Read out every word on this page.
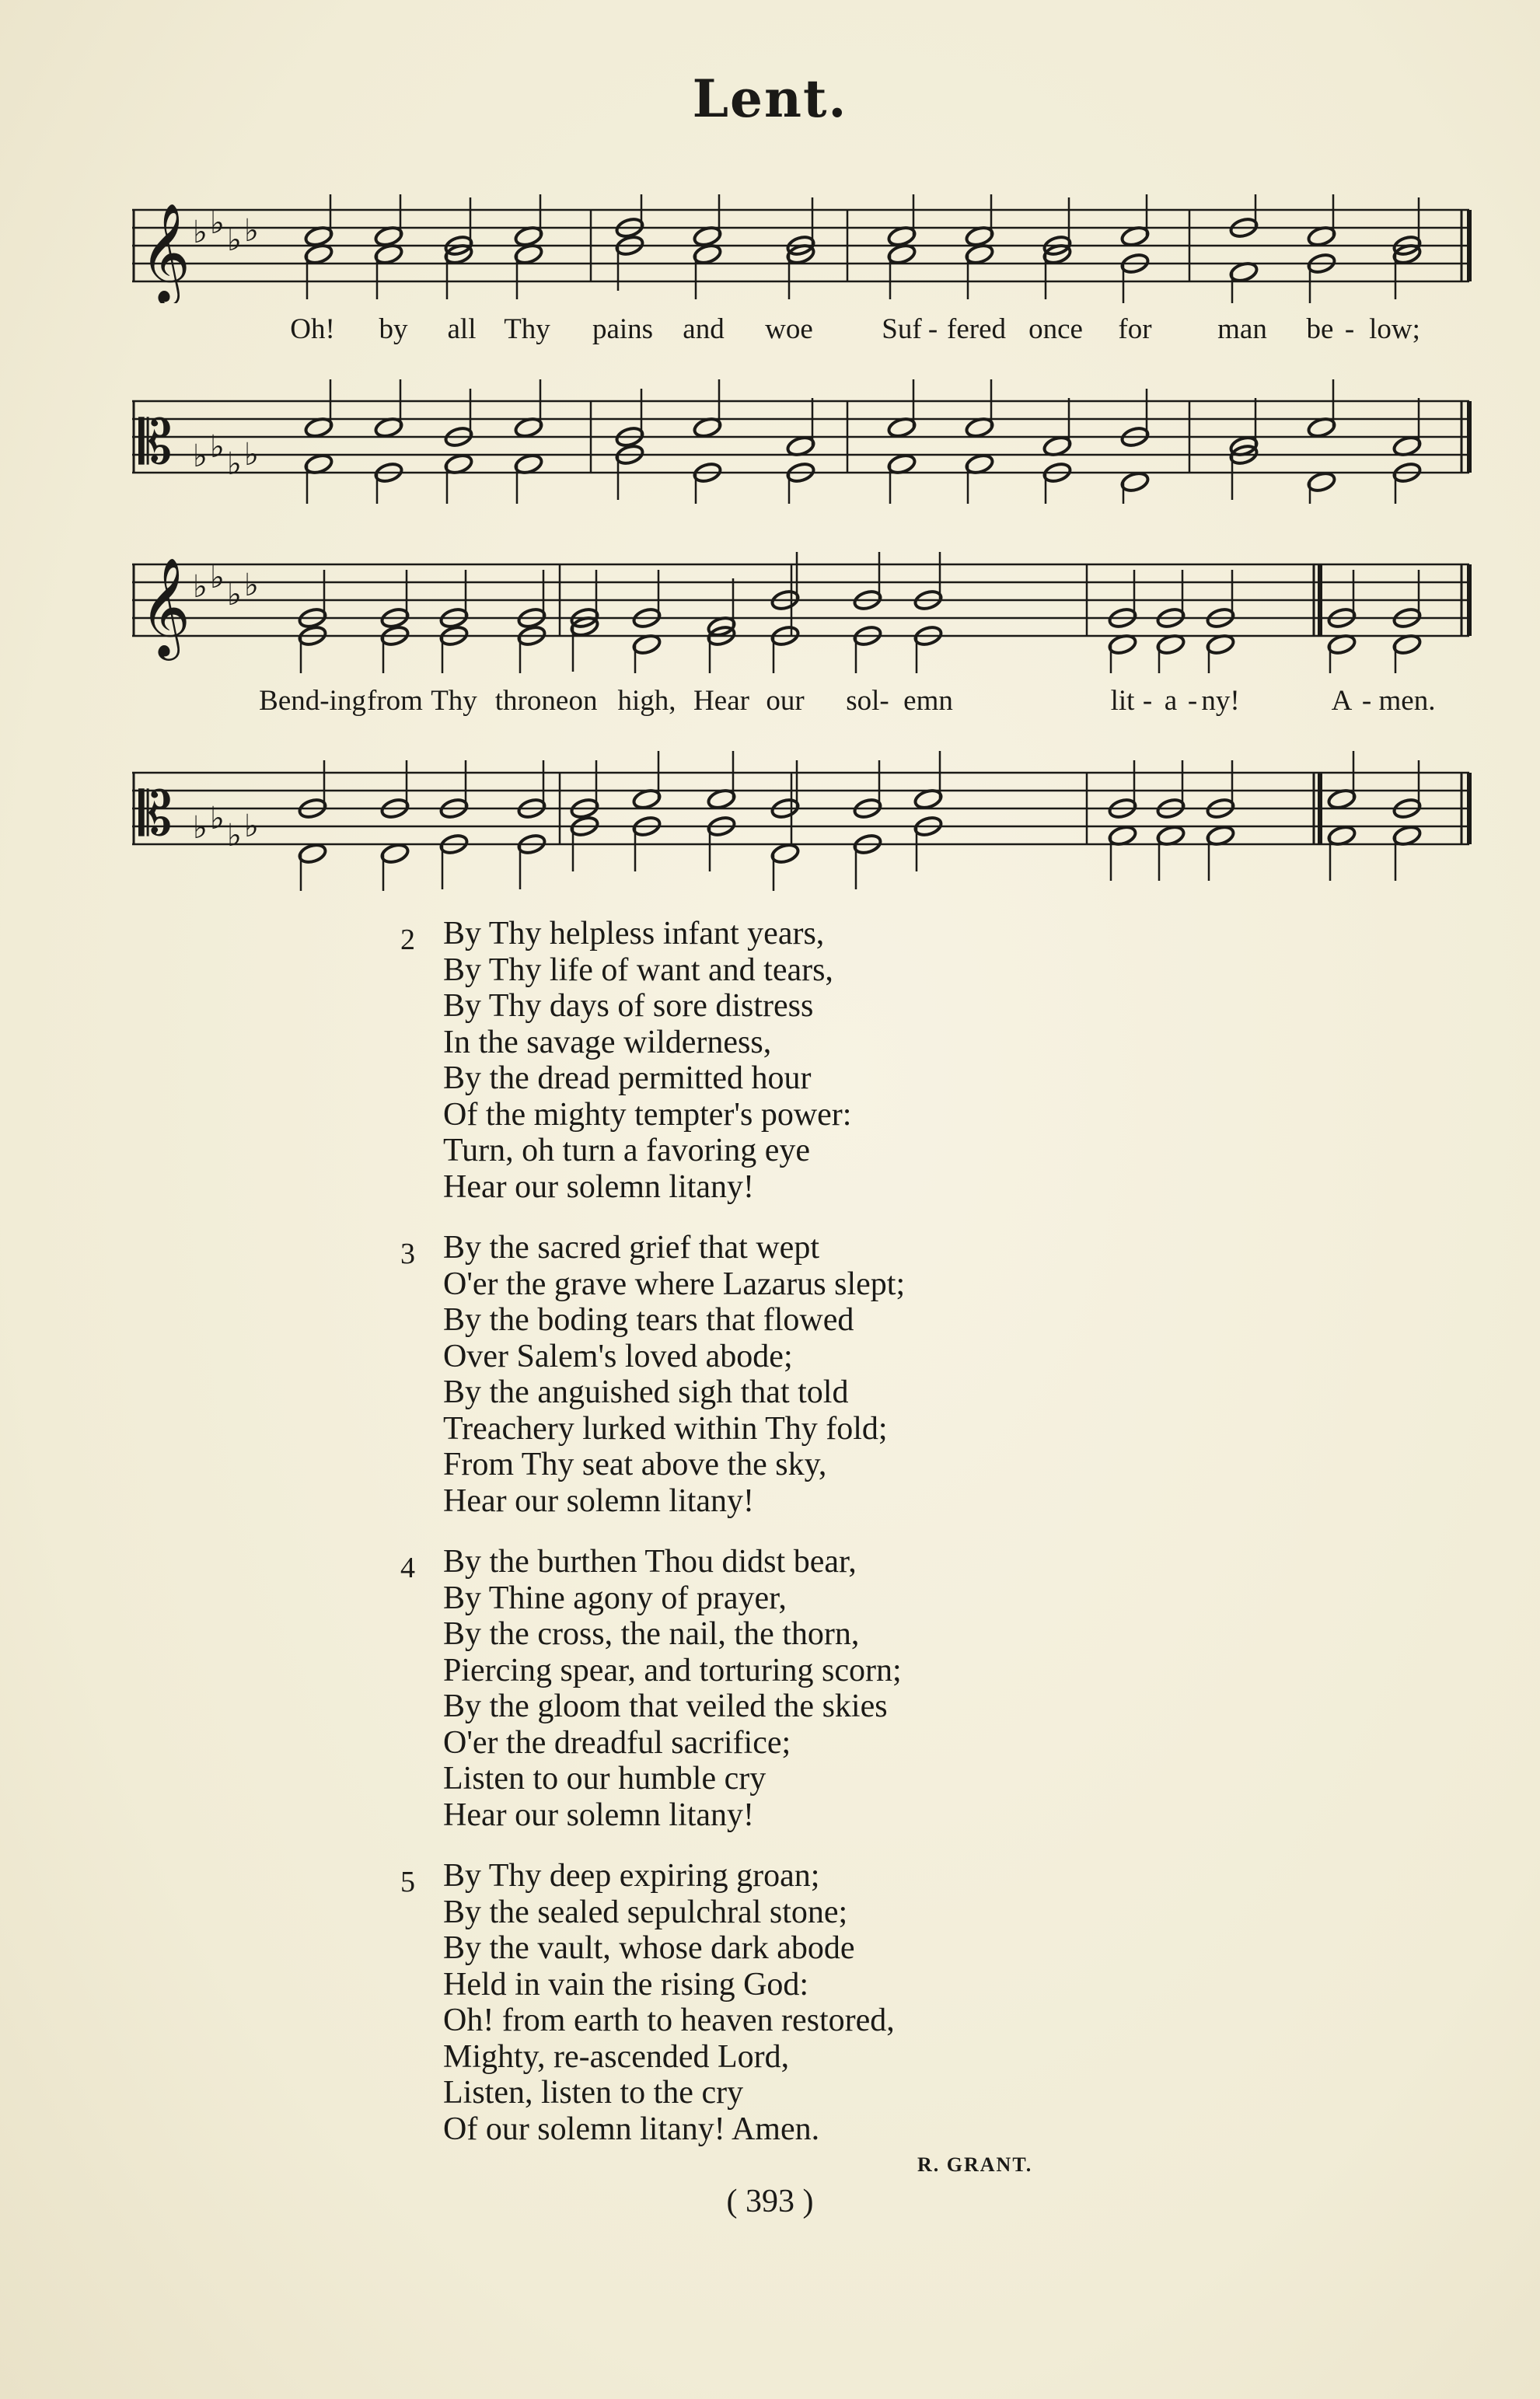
Lent.
𝄞 ♭ ♭ ♭ ♭
Oh! by all Thy pains and woe Suf - fered once for man be - low;
𝄡 ♭ ♭ ♭ ♭
𝄞 ♭ ♭ ♭ ♭
Bend-ing from Thy throne on high, Hear our sol- emn	lit - a - ny!	A - men.
𝄡 ♭ ♭ ♭ ♭
2 By Thy helpless infant years,
By Thy life of want and tears,
By Thy days of sore distress
In the savage wilderness,
By the dread permitted hour
Of the mighty tempter's power:
Turn, oh turn a favoring eye
Hear our solemn litany!
3 By the sacred grief that wept
O'er the grave where Lazarus slept;
By the boding tears that flowed
Over Salem's loved abode;
By the anguished sigh that told
Treachery lurked within Thy fold;
From Thy seat above the sky,
Hear our solemn litany!
4 By the burthen Thou didst bear,
By Thine agony of prayer,
By the cross, the nail, the thorn,
Piercing spear, and torturing scorn;
By the gloom that veiled the skies
O'er the dreadful sacrifice;
Listen to our humble cry
Hear our solemn litany!
5 By Thy deep expiring groan;
By the sealed sepulchral stone;
By the vault, whose dark abode
Held in vain the rising God:
Oh! from earth to heaven restored,
Mighty, re-ascended Lord,
Listen, listen to the cry
Of our solemn litany! Amen.
R. GRANT.
( 393 )
